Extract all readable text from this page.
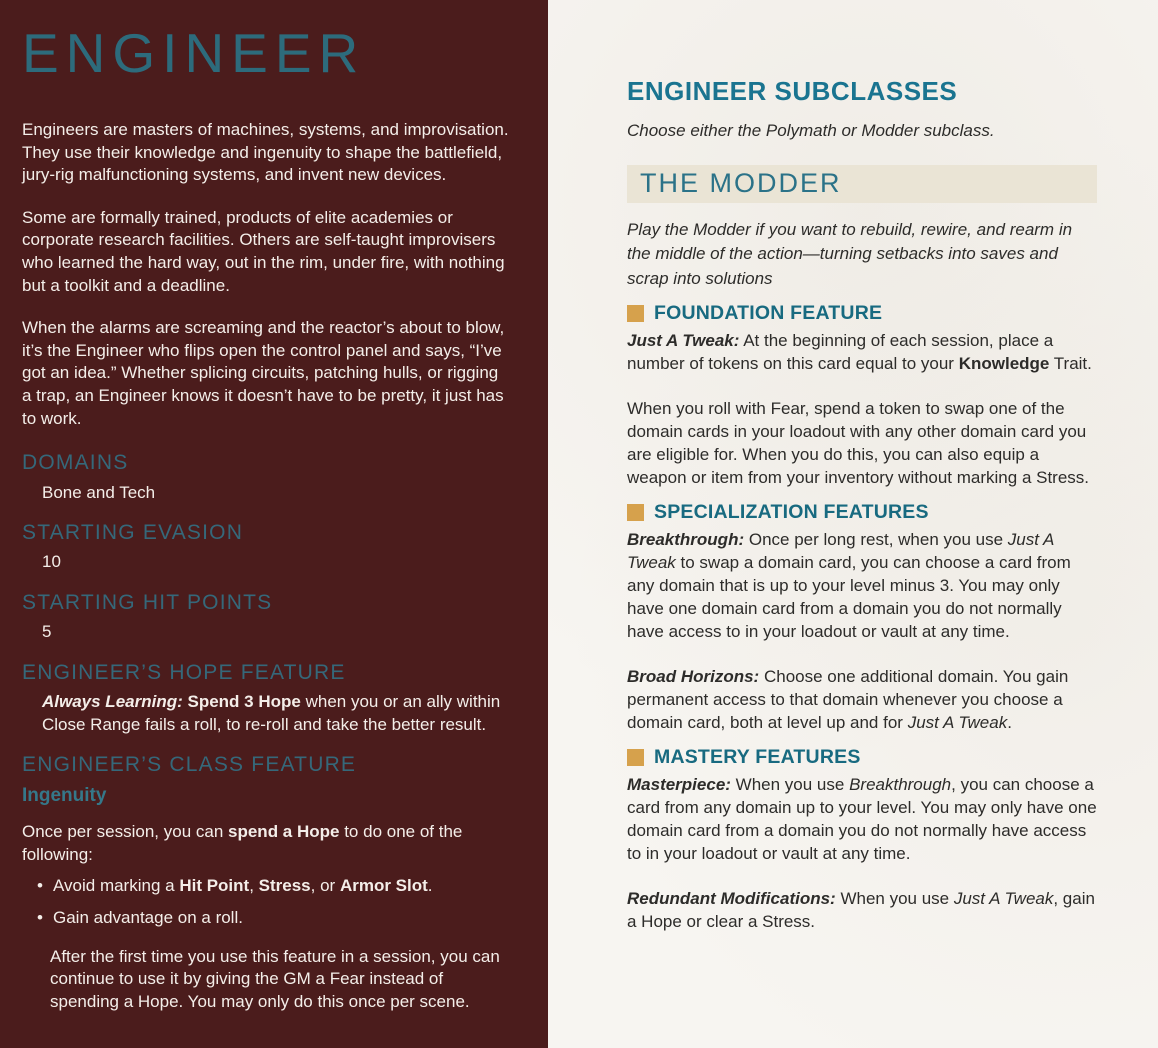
ENGINEER

Engineers are masters of machines, systems, and improvisation. They use their knowledge and ingenuity to shape the battlefield, jury-rig malfunctioning systems, and invent new devices.

Some are formally trained, products of elite academies or corporate research facilities. Others are self-taught improvisers who learned the hard way, out in the rim, under fire, with nothing but a toolkit and a deadline.

When the alarms are screaming and the reactor’s about to blow, it’s the Engineer who flips open the control panel and says, “I’ve got an idea.” Whether splicing circuits, patching hulls, or rigging a trap, an Engineer knows it doesn’t have to be pretty, it just has to work.

DOMAINS
Bone and Tech
STARTING EVASION
10
STARTING HIT POINTS
5
ENGINEER’S HOPE FEATURE

Always Learning: Spend 3 Hope when you or an ally within Close Range fails a roll, to re-roll and take the better result.

ENGINEER’S CLASS FEATURE
Ingenuity

Once per session, you can spend a Hope to do one of the following:

• Avoid marking a Hit Point, Stress, or Armor Slot.
• Gain advantage on a roll.

After the first time you use this feature in a session, you can continue to use it by giving the GM a Fear instead of spending a Hope. You may only do this once per scene.

ENGINEER SUBCLASSES

Choose either the Polymath or Modder subclass.

THE MODDER

Play the Modder if you want to rebuild, rewire, and rearm in the middle of the action—turning setbacks into saves and scrap into solutions

FOUNDATION FEATURE

Just A Tweak: At the beginning of each session, place a number of tokens on this card equal to your Knowledge Trait.

When you roll with Fear, spend a token to swap one of the domain cards in your loadout with any other domain card you are eligible for. When you do this, you can also equip a weapon or item from your inventory without marking a Stress.

SPECIALIZATION FEATURES

Breakthrough: Once per long rest, when you use Just A Tweak to swap a domain card, you can choose a card from any domain that is up to your level minus 3. You may only have one domain card from a domain you do not normally have access to in your loadout or vault at any time.

Broad Horizons: Choose one additional domain. You gain permanent access to that domain whenever you choose a domain card, both at level up and for Just A Tweak.

MASTERY FEATURES

Masterpiece: When you use Breakthrough, you can choose a card from any domain up to your level. You may only have one domain card from a domain you do not normally have access to in your loadout or vault at any time.

Redundant Modifications: When you use Just A Tweak, gain a Hope or clear a Stress.
